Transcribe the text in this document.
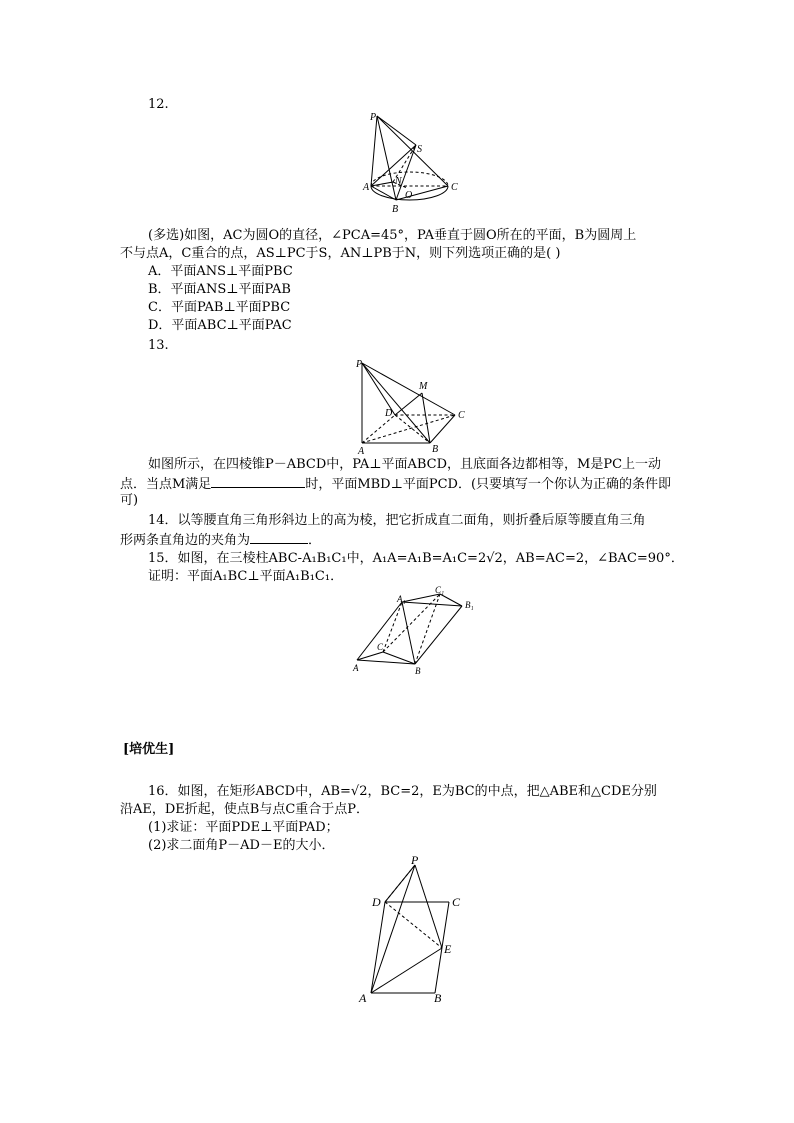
12.
P
S
N
A
O
C
B
(多选)如图，AC为圆O的直径，∠PCA=45°，PA垂直于圆O所在的平面，B为圆周上
不与点A，C重合的点，AS⊥PC于S，AN⊥PB于N，则下列选项正确的是( )
A．平面ANS⊥平面PBC
B．平面ANS⊥平面PAB
C．平面PAB⊥平面PBC
D．平面ABC⊥平面PAC
13.
P
M
D	C
A	B
如图所示，在四棱锥P－ABCD中，PA⊥平面ABCD，且底面各边都相等，M是PC上一动
点．当点M满足	时，平面MBD⊥平面PCD．(只要填写一个你认为正确的条件即
可)
14．以等腰直角三角形斜边上的高为棱，把它折成直二面角，则折叠后原等腰直角三角
形两条直角边的夹角为	．
15．如图，在三棱柱ABC-A₁B₁C₁中，A₁A=A₁B=A₁C=2√2，AB=AC=2，∠BAC=90°．
证明：平面A₁BC⊥平面A₁B₁C₁．
A₁
C₁
B₁
C
A	B
[培优生]
16．如图，在矩形ABCD中，AB=√2，BC=2，E为BC的中点，把△ABE和△CDE分别
沿AE，DE折起，使点B与点C重合于点P．
(1)求证：平面PDE⊥平面PAD；
(2)求二面角P－AD－E的大小．
P
D	C
E
A	B
